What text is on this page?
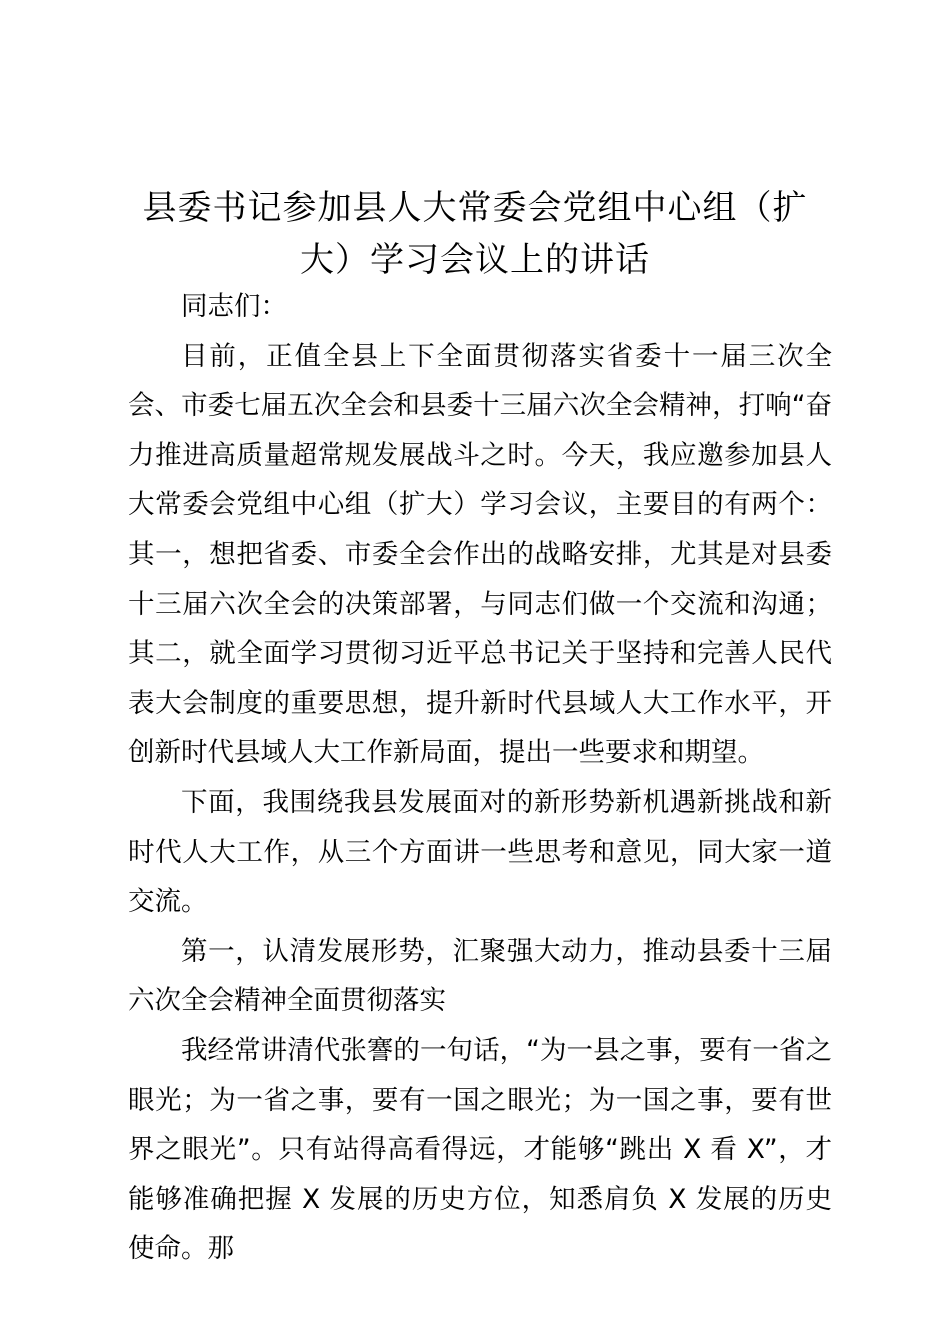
县委书记参加县人大常委会党组中心组（扩大）学习会议上的讲话

同志们：

目前，正值全县上下全面贯彻落实省委十一届三次全会、市委七届五次全会和县委十三届六次全会精神，打响“奋力推进高质量超常规发展战斗之时。今天，我应邀参加县人大常委会党组中心组（扩大）学习会议，主要目的有两个：其一，想把省委、市委全会作出的战略安排，尤其是对县委十三届六次全会的决策部署，与同志们做一个交流和沟通；其二，就全面学习贯彻习近平总书记关于坚持和完善人民代表大会制度的重要思想，提升新时代县域人大工作水平，开创新时代县域人大工作新局面，提出一些要求和期望。

下面，我围绕我县发展面对的新形势新机遇新挑战和新时代人大工作，从三个方面讲一些思考和意见，同大家一道交流。

第一，认清发展形势，汇聚强大动力，推动县委十三届六次全会精神全面贯彻落实

我经常讲清代张謇的一句话，“为一县之事，要有一省之眼光；为一省之事，要有一国之眼光；为一国之事，要有世界之眼光”。只有站得高看得远，才能够“跳出 X 看 X”，才能够准确把握 X 发展的历史方位，知悉肩负 X 发展的历史使命。那
